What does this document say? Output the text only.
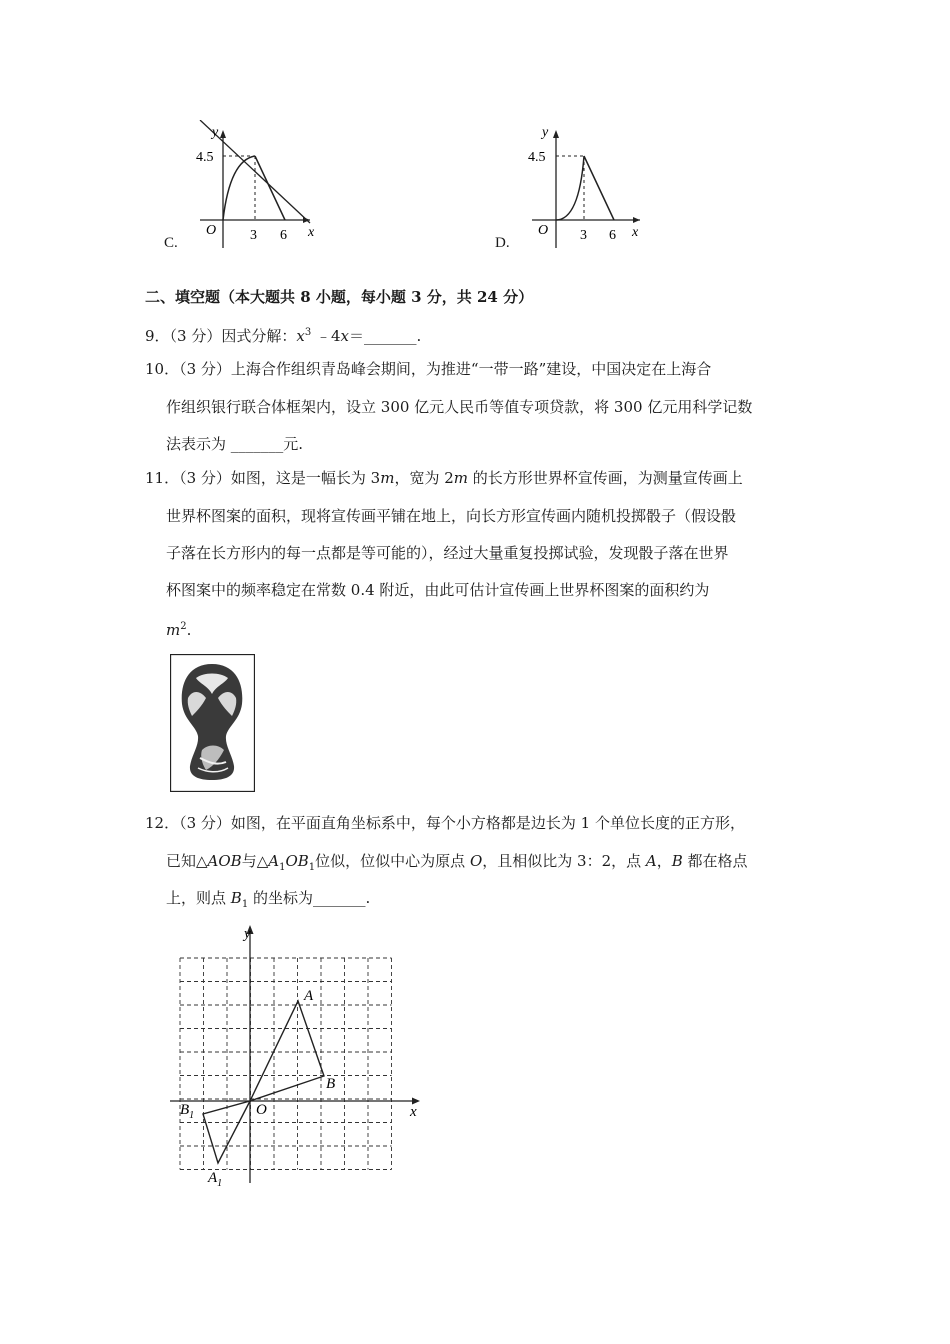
y
x
O
4.5
3 6
C.
y
x
O
4.5
3 6
D.
二、填空题（本大题共 8 小题，每小题 3 分，共 24 分）
9．（3 分）因式分解：$x^3$ ﹣4x＝_______.
10．（3 分）上海合作组织青岛峰会期间，为推进“一带一路”建设，中国决定在上海合
作组织银行联合体框架内，设立 300 亿元人民币等值专项贷款，将 300 亿元用科学记数
法表示为 _______元.
11．（3 分）如图，这是一幅长为 3m，宽为 2m 的长方形世界杯宣传画，为测量宣传画上
世界杯图案的面积，现将宣传画平铺在地上，向长方形宣传画内随机投掷骰子（假设骰
子落在长方形内的每一点都是等可能的），经过大量重复投掷试验，发现骰子落在世界
杯图案中的频率稳定在常数 0.4 附近，由此可估计宣传画上世界杯图案的面积约为
$m^2$.
12．（3 分）如图，在平面直角坐标系中，每个小方格都是边长为 1 个单位长度的正方形，
已知△AOB与$\triangle A_1OB_1$位似，位似中心为原点 O，且相似比为 3：2，点 A，B 都在格点
上，则点 $B_1$ 的坐标为_______.
y
x
O
A
B
$B_1$
$A_1$
